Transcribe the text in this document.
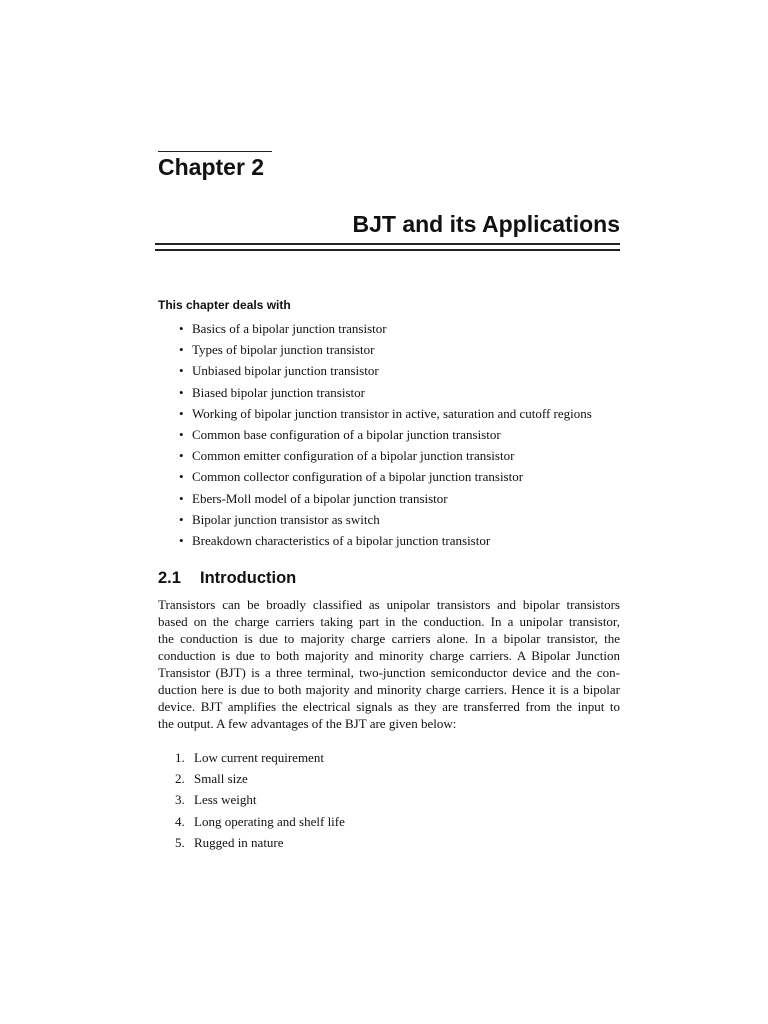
Chapter 2
BJT and its Applications
This chapter deals with
• Basics of a bipolar junction transistor
• Types of bipolar junction transistor
• Unbiased bipolar junction transistor
• Biased bipolar junction transistor
• Working of bipolar junction transistor in active, saturation and cutoff regions
• Common base configuration of a bipolar junction transistor
• Common emitter configuration of a bipolar junction transistor
• Common collector configuration of a bipolar junction transistor
• Ebers-Moll model of a bipolar junction transistor
• Bipolar junction transistor as switch
• Breakdown characteristics of a bipolar junction transistor
2.1 Introduction
Transistors can be broadly classified as unipolar transistors and bipolar transistors
based on the charge carriers taking part in the conduction. In a unipolar transistor,
the conduction is due to majority charge carriers alone. In a bipolar transistor, the
conduction is due to both majority and minority charge carriers. A Bipolar Junction
Transistor (BJT) is a three terminal, two-junction semiconductor device and the con-
duction here is due to both majority and minority charge carriers. Hence it is a bipolar
device. BJT amplifies the electrical signals as they are transferred from the input to
the output. A few advantages of the BJT are given below:
1. Low current requirement
2. Small size
3. Less weight
4. Long operating and shelf life
5. Rugged in nature
